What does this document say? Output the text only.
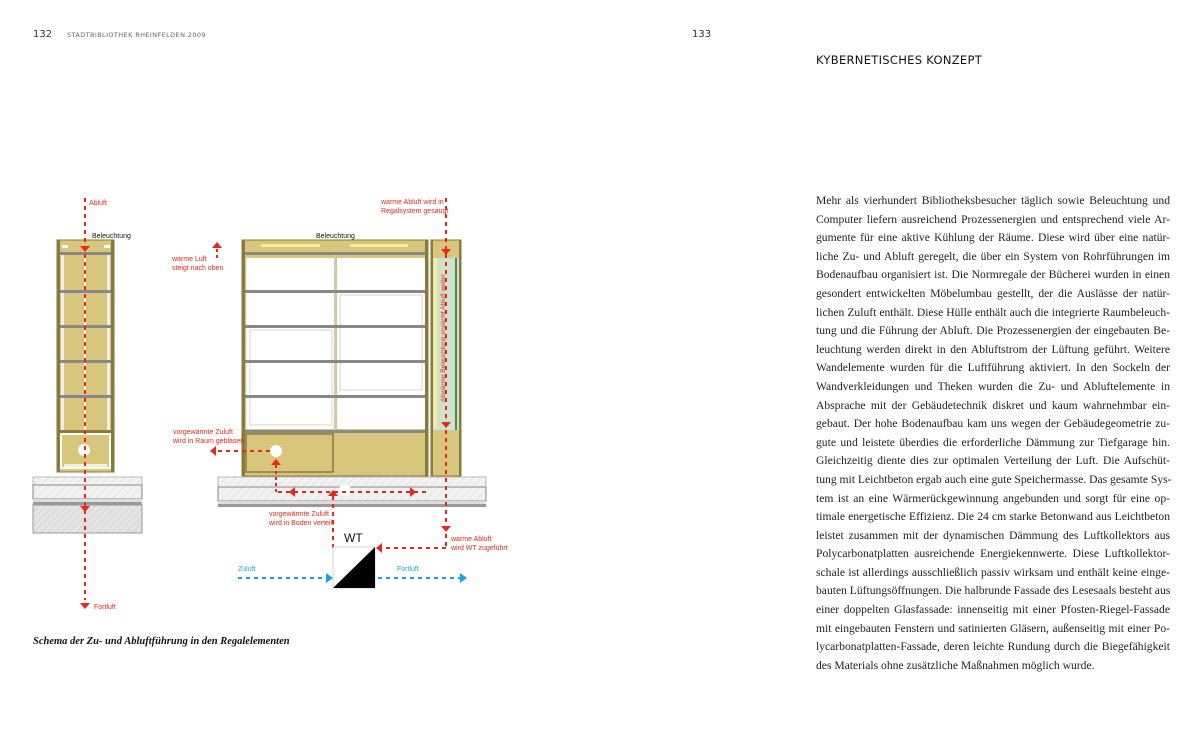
132 STADTBIBLIOTHEK RHEINFELDEN 2009	133
KYBERNETISCHES KONZEPT
Abluft
Beleuchtung
Fortluft
warme Luft
steigt nach oben
Abwärme Beleuchtung erwärmt Abluft weiter
Beleuchtung
warme Abluft wird in
Regalsystem gesaugt
warme Abluft
wird WT zugeführt
vorgewärmte Zuluft
wird in Boden verteilt
vorgewärmte Zuluft
wird in Raum geblasen
WT
Zuluft	Fortluft
Schema der Zu- und Abluftführung in den Regalelementen
Mehr als vierhundert Bibliotheksbesucher täglich sowie Beleuchtung und
Computer liefern ausreichend Prozessenergien und entsprechend viele Ar-
gumente für eine aktive Kühlung der Räume. Diese wird über eine natür-
liche Zu- und Abluft geregelt, die über ein System von Rohrführungen im
Bodenaufbau organisiert ist. Die Normregale der Bücherei wurden in einen
gesondert entwickelten Möbelumbau gestellt, der die Auslässe der natür-
lichen Zuluft enthält. Diese Hülle enthält auch die integrierte Raumbeleuch-
tung und die Führung der Abluft. Die Prozessenergien der eingebauten Be-
leuchtung werden direkt in den Abluftstrom der Lüftung geführt. Weitere
Wandelemente wurden für die Luftführung aktiviert. In den Sockeln der
Wandverkleidungen und Theken wurden die Zu- und Abluftelemente in
Absprache mit der Gebäudetechnik diskret und kaum wahrnehmbar ein-
gebaut. Der hohe Bodenaufbau kam uns wegen der Gebäudegeometrie zu-
gute und leistete überdies die erforderliche Dämmung zur Tiefgarage hin.
Gleichzeitig diente dies zur optimalen Verteilung der Luft. Die Aufschüt-
tung mit Leichtbeton ergab auch eine gute Speichermasse. Das gesamte Sys-
tem ist an eine Wärmerückgewinnung angebunden und sorgt für eine op-
timale energetische Effizienz. Die 24 cm starke Betonwand aus Leichtbeton
leistet zusammen mit der dynamischen Dämmung des Luftkollektors aus
Polycarbonatplatten ausreichende Energiekennwerte. Diese Luftkollektor-
schale ist allerdings ausschließlich passiv wirksam und enthält keine einge-
bauten Lüftungsöffnungen. Die halbrunde Fassade des Lesesaals besteht aus
einer doppelten Glasfassade: innenseitig mit einer Pfosten-Riegel-Fassade
mit eingebauten Fenstern und satinierten Gläsern, außenseitig mit einer Po-
lycarbonatplatten-Fassade, deren leichte Rundung durch die Biegefähigkeit
des Materials ohne zusätzliche Maßnahmen möglich wurde.
